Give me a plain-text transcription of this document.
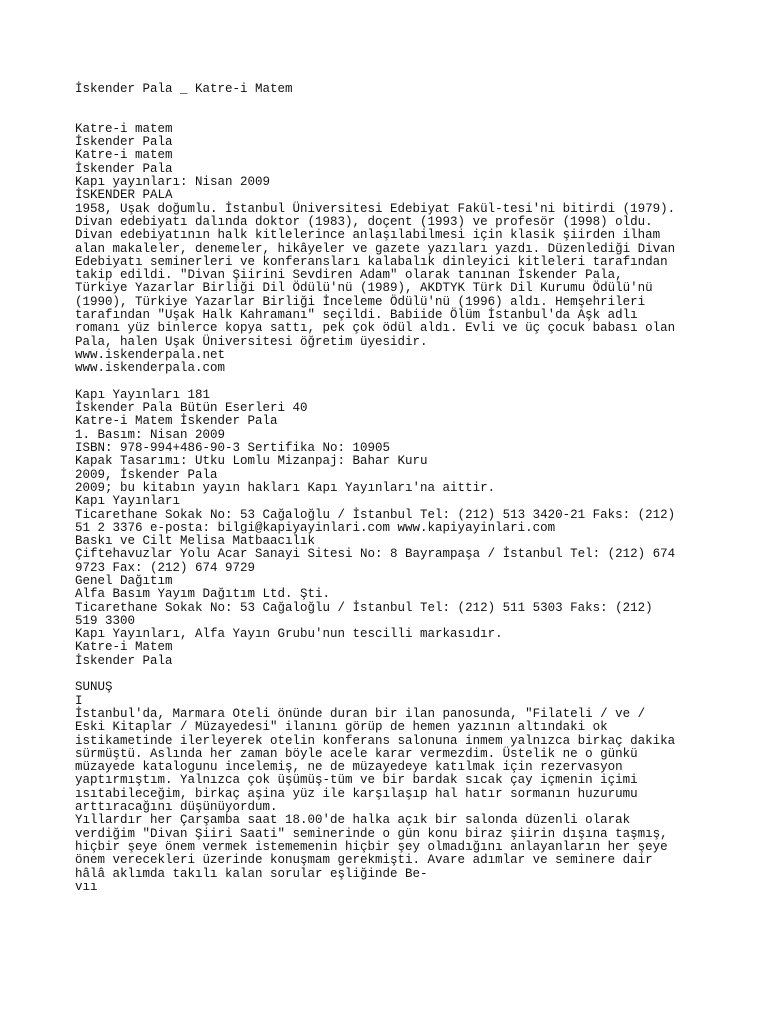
İskender Pala _ Katre-i Matem
Katre-i matem
İskender Pala
Katre-i matem
İskender Pala
Kapı yayınları: Nisan 2009
İSKENDER PALA
1958, Uşak doğumlu. İstanbul Üniversitesi Edebiyat Fakül-tesi'ni bitirdi (1979).
Divan edebiyatı dalında doktor (1983), doçent (1993) ve profesör (1998) oldu.
Divan edebiyatının halk kitlelerince anlaşılabilmesi için klasik şiirden ilham
alan makaleler, denemeler, hikâyeler ve gazete yazıları yazdı. Düzenlediği Divan
Edebiyatı seminerleri ve konferansları kalabalık dinleyici kitleleri tarafından
takip edildi. "Divan Şiirini Sevdiren Adam" olarak tanınan İskender Pala,
Türkiye Yazarlar Birliği Dil Ödülü'nü (1989), AKDTYK Türk Dil Kurumu Ödülü'nü
(1990), Türkiye Yazarlar Birliği İnceleme Ödülü'nü (1996) aldı. Hemşehrileri
tarafından "Uşak Halk Kahramanı" seçildi. Babiide Ölüm İstanbul'da Aşk adlı
romanı yüz binlerce kopya sattı, pek çok ödül aldı. Evli ve üç çocuk babası olan
Pala, halen Uşak Üniversitesi öğretim üyesidir.
www.iskenderpala.net
www.iskenderpala.com
Kapı Yayınları 181
İskender Pala Bütün Eserleri 40
Katre-i Matem İskender Pala
1. Basım: Nisan 2009
ISBN: 978-994+486-90-3 Sertifika No: 10905
Kapak Tasarımı: Utku Lomlu Mizanpaj: Bahar Kuru
2009, İskender Pala
2009; bu kitabın yayın hakları Kapı Yayınları'na aittir.
Kapı Yayınları
Ticarethane Sokak No: 53 Cağaloğlu / İstanbul Tel: (212) 513 3420-21 Faks: (212)
51 2 3376 e-posta: bilgi@kapiyayinlari.com www.kapiyayinlari.com
Baskı ve Cilt Melisa Matbaacılık
Çiftehavuzlar Yolu Acar Sanayi Sitesi No: 8 Bayrampaşa / İstanbul Tel: (212) 674
9723 Fax: (212) 674 9729
Genel Dağıtım
Alfa Basım Yayım Dağıtım Ltd. Şti.
Ticarethane Sokak No: 53 Cağaloğlu / İstanbul Tel: (212) 511 5303 Faks: (212)
519 3300
Kapı Yayınları, Alfa Yayın Grubu'nun tescilli markasıdır.
Katre-i Matem
İskender Pala
SUNUŞ
I
İstanbul'da, Marmara Oteli önünde duran bir ilan panosunda, "Filateli / ve /
Eski Kitaplar / Müzayedesi" ilanını görüp de hemen yazının altındaki ok
istikametinde ilerleyerek otelin konferans salonuna inmem yalnızca birkaç dakika
sürmüştü. Aslında her zaman böyle acele karar vermezdim. Üstelik ne o günkü
müzayede katalogunu incelemiş, ne de müzayedeye katılmak için rezervasyon
yaptırmıştım. Yalnızca çok üşümüş-tüm ve bir bardak sıcak çay içmenin içimi
ısıtabileceğim, birkaç aşina yüz ile karşılaşıp hal hatır sormanın huzurumu
arttıracağını düşünüyordum.
Yıllardır her Çarşamba saat 18.00'de halka açık bir salonda düzenli olarak
verdiğim "Divan Şiiri Saati" seminerinde o gün konu biraz şiirin dışına taşmış,
hiçbir şeye önem vermek istememenin hiçbir şey olmadığını anlayanların her şeye
önem verecekleri üzerinde konuşmam gerekmişti. Avare adımlar ve seminere dair
hâlâ aklımda takılı kalan sorular eşliğinde Be-
vıı
